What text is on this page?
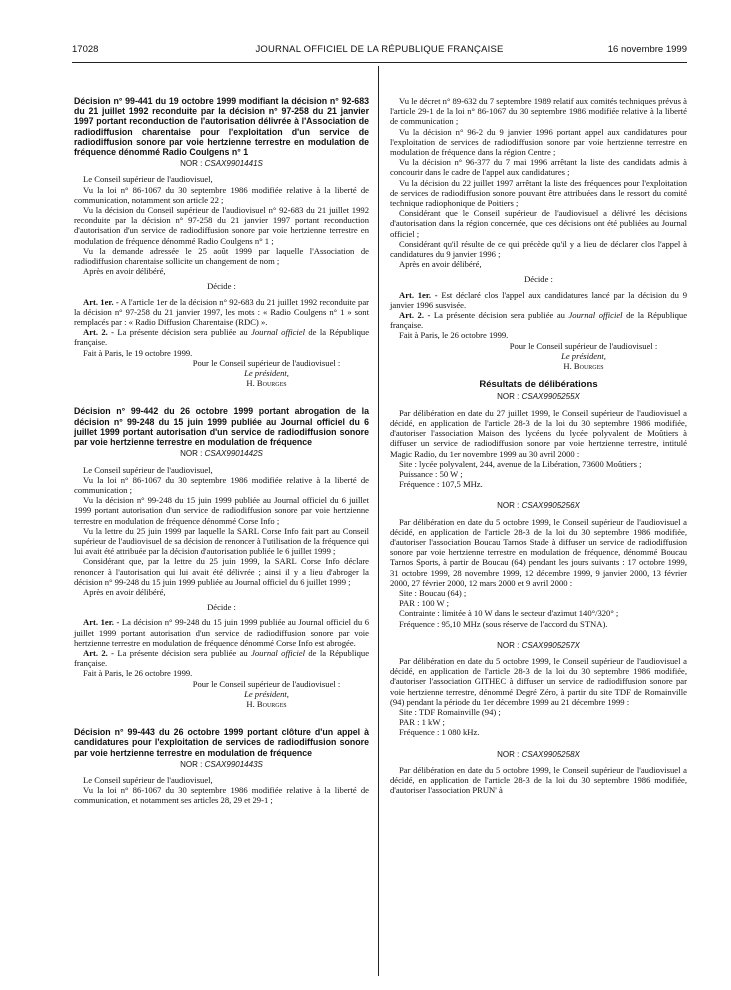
17028	JOURNAL OFFICIEL DE LA RÉPUBLIQUE FRANÇAISE	16 novembre 1999

Décision n° 99-441 du 19 octobre 1999 modifiant la décision n° 92-683 du 21 juillet 1992 reconduite par la décision n° 97-258 du 21 janvier 1997 portant reconduction de l'autorisation délivrée à l'Association de radiodiffusion charentaise pour l'exploitation d'un service de radiodiffusion sonore par voie hertzienne terrestre en modulation de fréquence dénommé Radio Coulgens n° 1

NOR : CSAX9901441S

Le Conseil supérieur de l'audiovisuel,

Vu la loi n° 86-1067 du 30 septembre 1986 modifiée relative à la liberté de communication, notamment son article 22 ;

Vu la décision du Conseil supérieur de l'audiovisuel n° 92-683 du 21 juillet 1992 reconduite par la décision n° 97-258 du 21 janvier 1997 portant reconduction d'autorisation d'un service de radiodiffusion sonore par voie hertzienne terrestre en modulation de fréquence dénommé Radio Coulgens n° 1 ;

Vu la demande adressée le 25 août 1999 par laquelle l'Association de radiodiffusion charentaise sollicite un changement de nom ;

Après en avoir délibéré,

Décide :

Art. 1er. - A l'article 1er de la décision n° 92-683 du 21 juillet 1992 reconduite par la décision n° 97-258 du 21 janvier 1997, les mots : « Radio Coulgens n° 1 » sont remplacés par : « Radio Diffusion Charentaise (RDC) ».

Art. 2. - La présente décision sera publiée au Journal officiel de la République française.

Fait à Paris, le 19 octobre 1999.

Pour le Conseil supérieur de l'audiovisuel :

Le président,

H. Bourges

Décision n° 99-442 du 26 octobre 1999 portant abrogation de la décision n° 99-248 du 15 juin 1999 publiée au Journal officiel du 6 juillet 1999 portant autorisation d'un service de radiodiffusion sonore par voie hertzienne terrestre en modulation de fréquence

NOR : CSAX9901442S

Le Conseil supérieur de l'audiovisuel,

Vu la loi n° 86-1067 du 30 septembre 1986 modifiée relative à la liberté de communication ;

Vu la décision n° 99-248 du 15 juin 1999 publiée au Journal officiel du 6 juillet 1999 portant autorisation d'un service de radiodiffusion sonore par voie hertzienne terrestre en modulation de fréquence dénommé Corse Info ;

Vu la lettre du 25 juin 1999 par laquelle la SARL Corse Info fait part au Conseil supérieur de l'audiovisuel de sa décision de renoncer à l'utilisation de la fréquence qui lui avait été attribuée par la décision d'autorisation publiée le 6 juillet 1999 ;

Considérant que, par la lettre du 25 juin 1999, la SARL Corse Info déclare renoncer à l'autorisation qui lui avait été délivrée ; ainsi il y a lieu d'abroger la décision n° 99-248 du 15 juin 1999 publiée au Journal officiel du 6 juillet 1999 ;

Après en avoir délibéré,

Décide :

Art. 1er. - La décision n° 99-248 du 15 juin 1999 publiée au Journal officiel du 6 juillet 1999 portant autorisation d'un service de radiodiffusion sonore par voie hertzienne terrestre en modulation de fréquence dénommé Corse Info est abrogée.

Art. 2. - La présente décision sera publiée au Journal officiel de la République française.

Fait à Paris, le 26 octobre 1999.

Pour le Conseil supérieur de l'audiovisuel :

Le président,

H. Bourges

Décision n° 99-443 du 26 octobre 1999 portant clôture d'un appel à candidatures pour l'exploitation de services de radiodiffusion sonore par voie hertzienne terrestre en modulation de fréquence

NOR : CSAX9901443S

Le Conseil supérieur de l'audiovisuel,

Vu la loi n° 86-1067 du 30 septembre 1986 modifiée relative à la liberté de communication, et notamment ses articles 28, 29 et 29-1 ;

Vu le décret n° 89-632 du 7 septembre 1989 relatif aux comités techniques prévus à l'article 29-1 de la loi n° 86-1067 du 30 septembre 1986 modifiée relative à la liberté de communication ;

Vu la décision n° 96-2 du 9 janvier 1996 portant appel aux candidatures pour l'exploitation de services de radiodiffusion sonore par voie hertzienne terrestre en modulation de fréquence dans la région Centre ;

Vu la décision n° 96-377 du 7 mai 1996 arrêtant la liste des candidats admis à concourir dans le cadre de l'appel aux candidatures ;

Vu la décision du 22 juillet 1997 arrêtant la liste des fréquences pour l'exploitation de services de radiodiffusion sonore pouvant être attribuées dans le ressort du comité technique radiophonique de Poitiers ;

Considérant que le Conseil supérieur de l'audiovisuel a délivré les décisions d'autorisation dans la région concernée, que ces décisions ont été publiées au Journal officiel ;

Considérant qu'il résulte de ce qui précède qu'il y a lieu de déclarer clos l'appel à candidatures du 9 janvier 1996 ;

Après en avoir délibéré,

Décide :

Art. 1er. - Est déclaré clos l'appel aux candidatures lancé par la décision du 9 janvier 1996 susvisée.

Art. 2. - La présente décision sera publiée au Journal officiel de la République française.

Fait à Paris, le 26 octobre 1999.

Pour le Conseil supérieur de l'audiovisuel :

Le président,

H. Bourges

Résultats de délibérations

NOR : CSAX9905255X

Par délibération en date du 27 juillet 1999, le Conseil supérieur de l'audiovisuel a décidé, en application de l'article 28-3 de la loi du 30 septembre 1986 modifiée, d'autoriser l'association Maison des lycéens du lycée polyvalent de Moûtiers à diffuser un service de radiodiffusion sonore par voie hertzienne terrestre, intitulé Magic Radio, du 1er novembre 1999 au 30 avril 2000 :

Site : lycée polyvalent, 244, avenue de la Libération, 73600 Moûtiers ;

Puissance : 50 W ;

Fréquence : 107,5 MHz.

NOR : CSAX9905256X

Par délibération en date du 5 octobre 1999, le Conseil supérieur de l'audiovisuel a décidé, en application de l'article 28-3 de la loi du 30 septembre 1986 modifiée, d'autoriser l'association Boucau Tarnos Stade à diffuser un service de radiodiffusion sonore par voie hertzienne terrestre en modulation de fréquence, dénommé Boucau Tarnos Sports, à partir de Boucau (64) pendant les jours suivants : 17 octobre 1999, 31 octobre 1999, 28 novembre 1999, 12 décembre 1999, 9 janvier 2000, 13 février 2000, 27 février 2000, 12 mars 2000 et 9 avril 2000 :

Site : Boucau (64) ;

PAR : 100 W ;

Contrainte : limitée à 10 W dans le secteur d'azimut 140°/320° ;

Fréquence : 95,10 MHz (sous réserve de l'accord du STNA).

NOR : CSAX9905257X

Par délibération en date du 5 octobre 1999, le Conseil supérieur de l'audiovisuel a décidé, en application de l'article 28-3 de la loi du 30 septembre 1986 modifiée, d'autoriser l'association GITHEC à diffuser un service de radiodiffusion sonore par voie hertzienne terrestre, dénommé Degré Zéro, à partir du site TDF de Romainville (94) pendant la période du 1er décembre 1999 au 21 décembre 1999 :

Site : TDF Romainville (94) ;

PAR : 1 kW ;

Fréquence : 1 080 kHz.

NOR : CSAX9905258X

Par délibération en date du 5 octobre 1999, le Conseil supérieur de l'audiovisuel a décidé, en application de l'article 28-3 de la loi du 30 septembre 1986 modifiée, d'autoriser l'association PRUN' à
